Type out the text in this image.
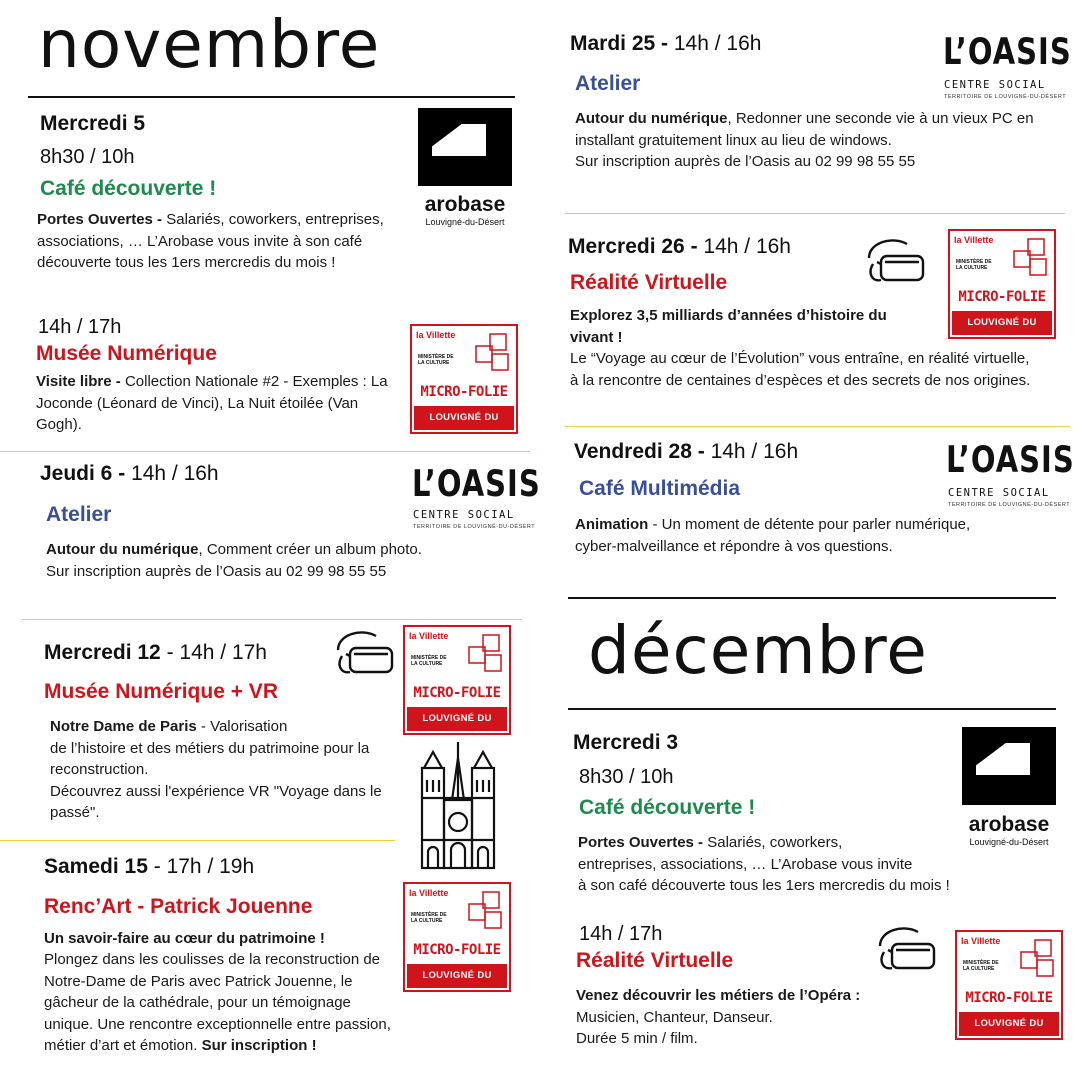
novembre
Mercredi 5
8h30 / 10h
Café découverte !
Portes Ouvertes - Salariés, coworkers, entreprises, associations, … L’Arobase vous invite à son café découverte tous les 1ers mercredis du mois !
arobase
Louvigné-du-Désert
14h / 17h
Musée Numérique
Visite libre - Collection Nationale #2 - Exemples : La Joconde (Léonard de Vinci), La Nuit étoilée (Van Gogh).
la Villette
MINISTÈRE DE LA CULTURE
MICRO-FOLIE
LOUVIGNÉ DU DÉSERT
Jeudi 6 - 14h / 16h
Atelier
Autour du numérique, Comment créer un album photo.
Sur inscription auprès de l’Oasis au 02 99 98 55 55
L’OASIS
CENTRE SOCIAL
TERRITOIRE DE LOUVIGNÉ-DU-DÉSERT
Mercredi 12 - 14h / 17h
Musée Numérique + VR
Notre Dame de Paris - Valorisation
de l’histoire et des métiers du patrimoine pour la reconstruction.
Découvrez aussi l'expérience VR "Voyage dans le passé".
la Villette
MINISTÈRE DE LA CULTURE
MICRO-FOLIE
LOUVIGNÉ DU DÉSERT
Samedi 15 - 17h / 19h
Renc’Art - Patrick Jouenne
Un savoir-faire au cœur du patrimoine !
Plongez dans les coulisses de la reconstruction de Notre-Dame de Paris avec Patrick Jouenne, le gâcheur de la cathédrale, pour un témoignage unique. Une rencontre exceptionnelle entre passion, métier d’art et émotion. Sur inscription !
la Villette
MINISTÈRE DE LA CULTURE
MICRO-FOLIE
LOUVIGNÉ DU DÉSERT
Mardi 25 - 14h / 16h
Atelier
Autour du numérique, Redonner une seconde vie à un vieux PC en installant gratuitement linux au lieu de windows.
Sur inscription auprès de l’Oasis au 02 99 98 55 55
L’OASIS
CENTRE SOCIAL
TERRITOIRE DE LOUVIGNÉ-DU-DÉSERT
Mercredi 26 - 14h / 16h
Réalité Virtuelle
Explorez 3,5 milliards d’années d’histoire du vivant !
Le “Voyage au cœur de l’Évolution” vous entraîne, en réalité virtuelle, à la rencontre de centaines d’espèces et des secrets de nos origines.
la Villette
MINISTÈRE DE LA CULTURE
MICRO-FOLIE
LOUVIGNÉ DU DÉSERT
Vendredi 28 - 14h / 16h
Café Multimédia
Animation - Un moment de détente pour parler numérique, cyber-malveillance et répondre à vos questions.
L’OASIS
CENTRE SOCIAL
TERRITOIRE DE LOUVIGNÉ-DU-DÉSERT
décembre
Mercredi 3
8h30 / 10h
Café découverte !
Portes Ouvertes - Salariés, coworkers, entreprises, associations, … L’Arobase vous invite à son café découverte tous les 1ers mercredis du mois !
arobase
Louvigné-du-Désert
14h / 17h
Réalité Virtuelle
Venez découvrir les métiers de l’Opéra :
Musicien, Chanteur, Danseur.
Durée 5 min / film.
la Villette
MINISTÈRE DE LA CULTURE
MICRO-FOLIE
LOUVIGNÉ DU DÉSERT
